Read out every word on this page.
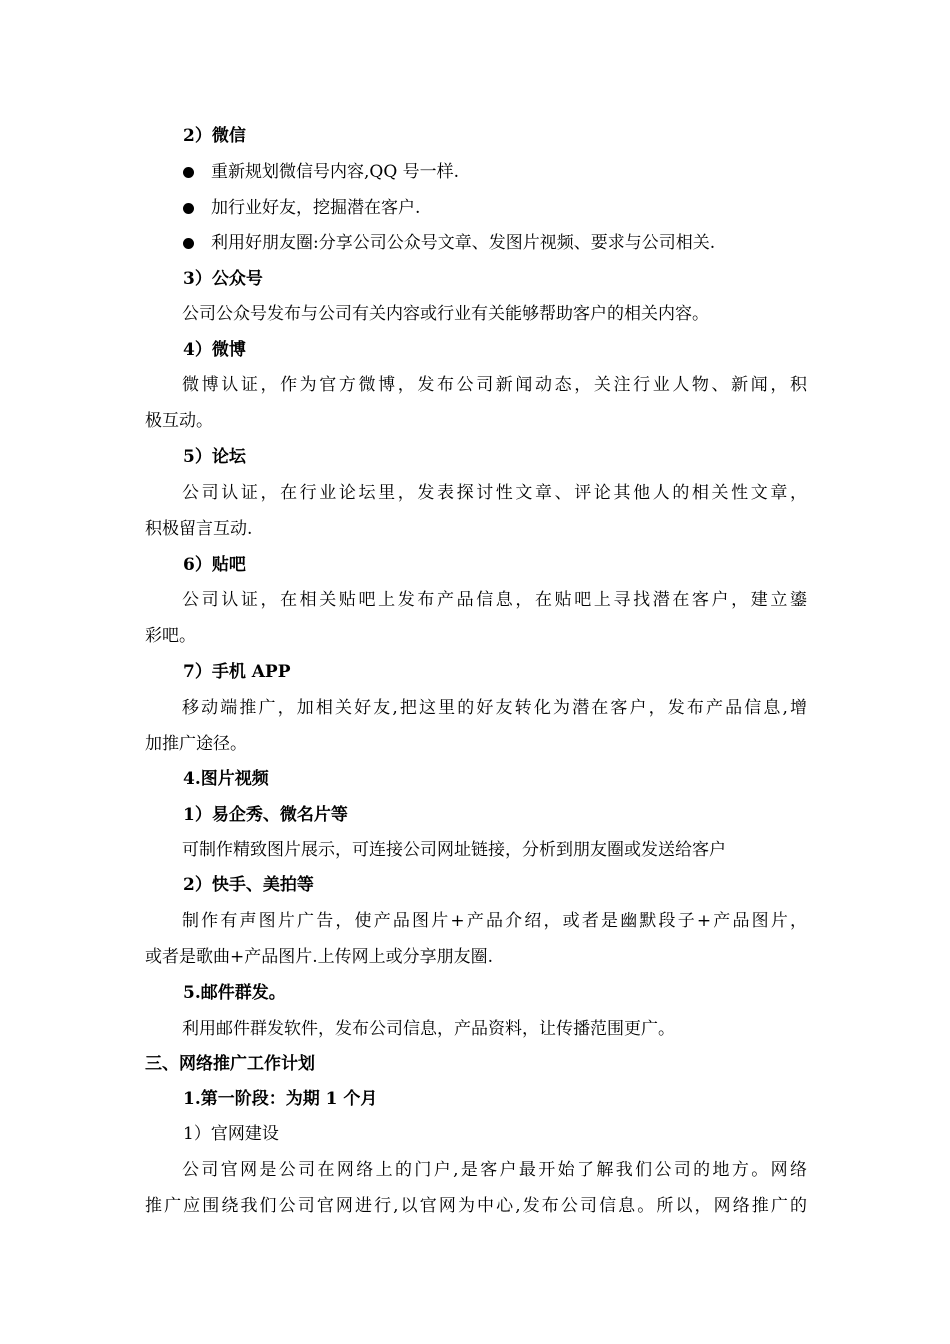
2）微信
重新规划微信号内容,QQ 号一样.
加行业好友，挖掘潜在客户.
利用好朋友圈:分享公司公众号文章、发图片视频、要求与公司相关.
3）公众号
公司公众号发布与公司有关内容或行业有关能够帮助客户的相关内容。
4）微博
微博认证，作为官方微博，发布公司新闻动态，关注行业人物、新闻，积
极互动。
5）论坛
公司认证，在行业论坛里，发表探讨性文章、评论其他人的相关性文章，
积极留言互动.
6）贴吧
公司认证，在相关贴吧上发布产品信息，在贴吧上寻找潜在客户，建立鎏
彩吧。
7）手机 APP
移动端推广，加相关好友,把这里的好友转化为潜在客户，发布产品信息,增
加推广途径。
4.图片视频
1）易企秀、微名片等
可制作精致图片展示，可连接公司网址链接，分析到朋友圈或发送给客户
2）快手、美拍等
制作有声图片广告，使产品图片+产品介绍，或者是幽默段子+产品图片，
或者是歌曲+产品图片.上传网上或分享朋友圈.
5.邮件群发。
利用邮件群发软件，发布公司信息，产品资料，让传播范围更广。
三、网络推广工作计划
1.第一阶段：为期 1 个月
1）官网建设
公司官网是公司在网络上的门户,是客户最开始了解我们公司的地方。网络
推广应围绕我们公司官网进行,以官网为中心,发布公司信息。所以，网络推广的
